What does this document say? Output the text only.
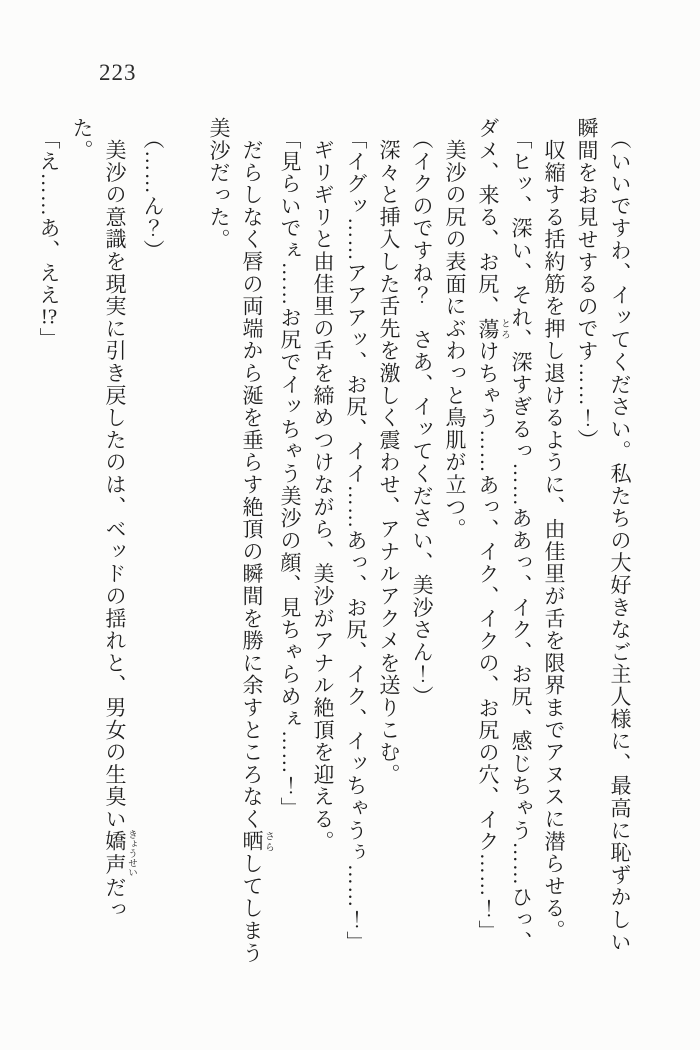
223

（いいですわ、イッてください。私たちの大好きなご主人様に、最高に恥ずかしい瞬間をお見せするのです……！）

収縮する括約筋を押し退けるように、由佳里が舌を限界までアヌスに潜らせる。

「ヒッ、深い、それ、深すぎるっ……ああっ、イク、お尻、感じちゃう……ひっ、ダメ、来る、お尻、蕩 とろけちゃう……あっ、イク、イクの、お尻の穴、イク……！」

美沙の尻の表面にぶわっと鳥肌が立つ。

（イクのですね？　さあ、イッてください、美沙さん！）

深々と挿入した舌先を激しく震わせ、アナルアクメを送りこむ。

「イグッ……アアアッ、お尻、イイ……あっ、お尻、イク、イッちゃうぅ……！」

ギリギリと由佳里の舌を締めつけながら、美沙がアナル絶頂を迎える。

「見らいでぇ……お尻でイッちゃう美沙の顔、見ちゃらめぇ……！」

だらしなく唇の両端から涎を垂らす絶頂の瞬間を勝に余すところなく晒 さらしてしまう美沙だった。

（……ん？）

美沙の意識を現実に引き戻したのは、ベッドの揺れと、男女の生臭い嬌声 きょうせいだった。

「え……あ、ええ!?」
